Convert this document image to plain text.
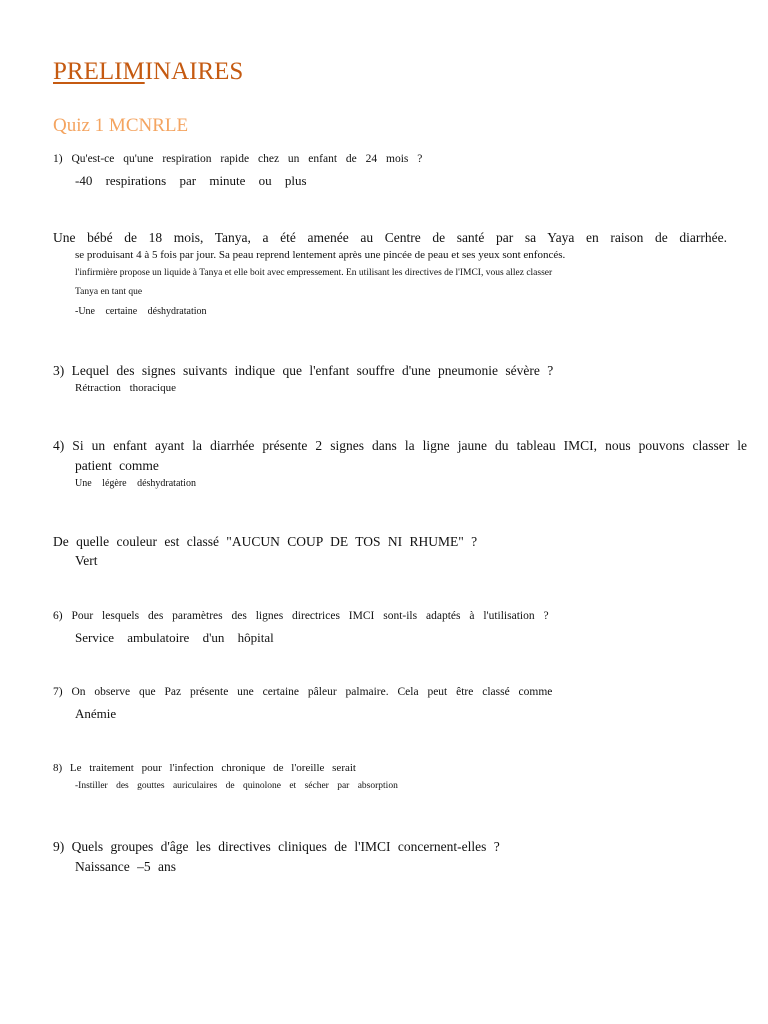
PRELIMINAIRES
Quiz 1 MCNRLE
1) Qu'est-ce qu'une respiration rapide chez un enfant de 24 mois ?
-40 respirations par minute ou plus
Une bébé de 18 mois, Tanya, a été amenée au Centre de santé par sa Yaya en raison de diarrhée.
se produisant 4 à 5 fois par jour. Sa peau reprend lentement après une pincée de peau et ses yeux sont enfoncés.
l'infirmière propose un liquide à Tanya et elle boit avec empressement. En utilisant les directives de l'IMCI, vous allez classer
Tanya en tant que
-Une certaine déshydratation
3) Lequel des signes suivants indique que l'enfant souffre d'une pneumonie sévère ?
Rétraction thoracique
4) Si un enfant ayant la diarrhée présente 2 signes dans la ligne jaune du tableau IMCI, nous pouvons classer le
patient comme
Une légère déshydratation
De quelle couleur est classé "AUCUN COUP DE TOS NI RHUME" ?
Vert
6) Pour lesquels des paramètres des lignes directrices IMCI sont-ils adaptés à l'utilisation ?
Service ambulatoire d'un hôpital
7) On observe que Paz présente une certaine pâleur palmaire. Cela peut être classé comme
Anémie
8) Le traitement pour l'infection chronique de l'oreille serait
-Instiller des gouttes auriculaires de quinolone et sécher par absorption
9) Quels groupes d'âge les directives cliniques de l'IMCI concernent-elles ?
Naissance –5 ans
